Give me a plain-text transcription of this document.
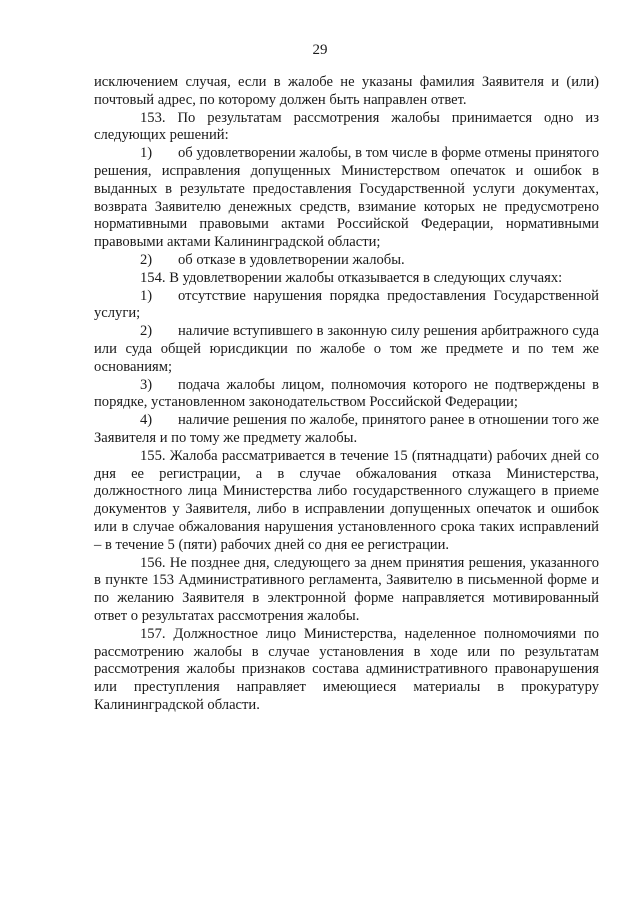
29

исключением случая, если в жалобе не указаны фамилия Заявителя и (или) почтовый адрес, по которому должен быть направлен ответ.

153. По результатам рассмотрения жалобы принимается одно из следующих решений:

1) об удовлетворении жалобы, в том числе в форме отмены принятого решения, исправления допущенных Министерством опечаток и ошибок в выданных в результате предоставления Государственной услуги документах, возврата Заявителю денежных средств, взимание которых не предусмотрено нормативными правовыми актами Российской Федерации, нормативными правовыми актами Калининградской области;

2) об отказе в удовлетворении жалобы.

154. В удовлетворении жалобы отказывается в следующих случаях:

1) отсутствие нарушения порядка предоставления Государственной услуги;

2) наличие вступившего в законную силу решения арбитражного суда или суда общей юрисдикции по жалобе о том же предмете и по тем же основаниям;

3) подача жалобы лицом, полномочия которого не подтверждены в порядке, установленном законодательством Российской Федерации;

4) наличие решения по жалобе, принятого ранее в отношении того же Заявителя и по тому же предмету жалобы.

155. Жалоба рассматривается в течение 15 (пятнадцати) рабочих дней со дня ее регистрации, а в случае обжалования отказа Министерства, должностного лица Министерства либо государственного служащего в приеме документов у Заявителя, либо в исправлении допущенных опечаток и ошибок или в случае обжалования нарушения установленного срока таких исправлений – в течение 5 (пяти) рабочих дней со дня ее регистрации.

156. Не позднее дня, следующего за днем принятия решения, указанного в пункте 153 Административного регламента, Заявителю в письменной форме и по желанию Заявителя в электронной форме направляется мотивированный ответ о результатах рассмотрения жалобы.

157. Должностное лицо Министерства, наделенное полномочиями по рассмотрению жалобы в случае установления в ходе или по результатам рассмотрения жалобы признаков состава административного правонарушения или преступления направляет имеющиеся материалы в прокуратуру Калининградской области.
